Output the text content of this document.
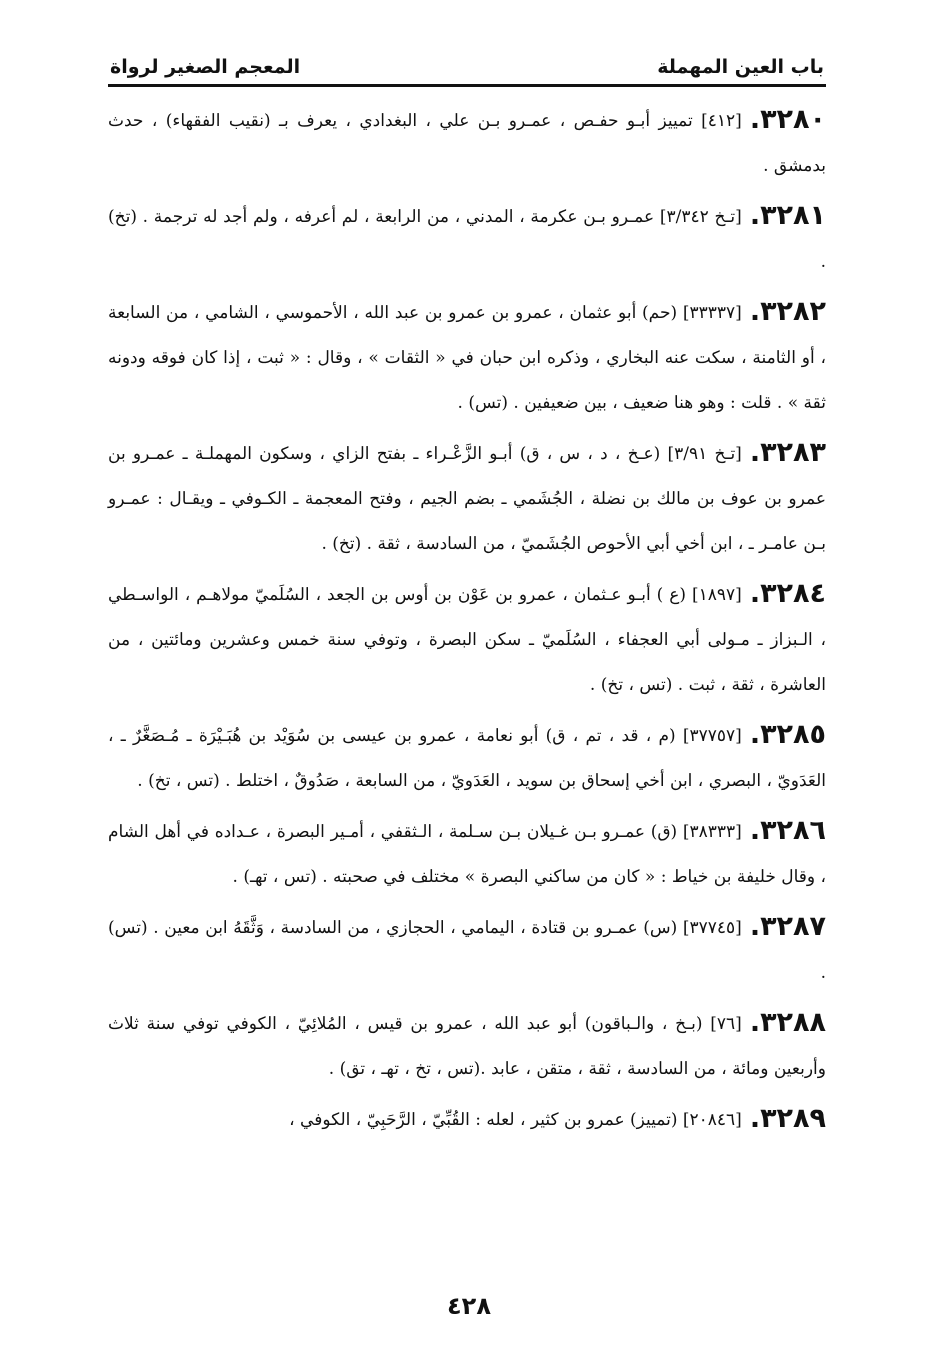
باب العين المهملة
المعجم الصغير لرواة

٣٢٨٠.[٤١٢] تمييز أبـو حفـص ، عمـرو بـن علي ، البغدادي ، يعرف بـ (نقيب الفقهاء) ، حدث بدمشق .

٣٢٨١.[تـخ ٣/٣٤٢] عمـرو بـن عكرمة ، المدني ، من الرابعة ، لم أعرفه ، ولم أجد له ترجمة . (تخ) .

٣٢٨٢.[٣٣٣٣٧] (حم) أبو عثمان ، عمرو بن عمرو بن عبد الله ، الأحموسي ، الشامي ، من السابعة ، أو الثامنة ، سكت عنه البخاري ، وذكره ابن حبان في « الثقات » ، وقال : « ثبت ، إذا كان فوقه ودونه ثقة » . قلت : وهو هنا ضعيف ، بين ضعيفين . (تس) .

٣٢٨٣.[تـخ ٣/٩١] (عـخ ، د ، س ، ق) أبـو الزَّعْـراء ـ بفتح الزاي ، وسكون المهملـة ـ عمـرو بن عمرو بن عوف بن مالك بن نضلة ، الجُشَمي ـ بضم الجيم ، وفتح المعجمة ـ الكـوفي ـ ويقـال : عمـرو بـن عامـر ـ ، ابن أخي أبي الأحوص الجُشَميّ ، من السادسة ، ثقة . (تخ) .

٣٢٨٤.[١٨٩٧] (ع ) أبـو عـثمان ، عمرو بن عَوْن بن أوس بن الجعد ، السُلَميّ مولاهـم ، الواسـطي ، الـبزاز ـ مـولى أبي العجفاء ، السُلَميّ ـ سكن البصرة ، وتوفي سنة خمس وعشرين ومائتين ، من العاشرة ، ثقة ، ثبت . (تس ، تخ) .

٣٢٨٥.[٣٧٧٥٧] (م ، قد ، تم ، ق) أبو نعامة ، عمرو بن عيسى بن سُوَيْد بن هُبَـيْرَة ـ مُـصَغَّرٌ ـ ، العَدَويّ ، البصري ، ابن أخي إسحاق بن سويد ، العَدَويّ ، من السابعة ، صَدُوقٌ ، اختلط . (تس ، تخ) .

٣٢٨٦.[٣٨٣٣٣] (ق) عمـرو بـن غـيلان بـن سـلمة ، الـثقفي ، أمـير البصرة ، عـداده في أهل الشام ، وقال خليفة بن خياط : « كان من ساكني البصرة » مختلف في صحبته . (تس ، تهـ) .

٣٢٨٧.[٣٧٧٤٥] (س) عمـرو بن قتادة ، اليمامي ، الحجازي ، من السادسة ، وَثَّقَهُ ابن معين . (تس) .

٣٢٨٨.[٧٦] (بـخ ، والـباقون) أبو عبد الله ، عمرو بن قيس ، المُلائِيّ ، الكوفي توفي سنة ثلاث وأربعين ومائة ، من السادسة ، ثقة ، متقن ، عابد .(تس ، تخ ، تهـ ، تق) .

٣٢٨٩.[٢٠٨٤٦] (تمييز) عمرو بن كثير ، لعله : القُبِّيّ ، الرَّحَبِيّ ، الكوفي ،

٤٢٨
